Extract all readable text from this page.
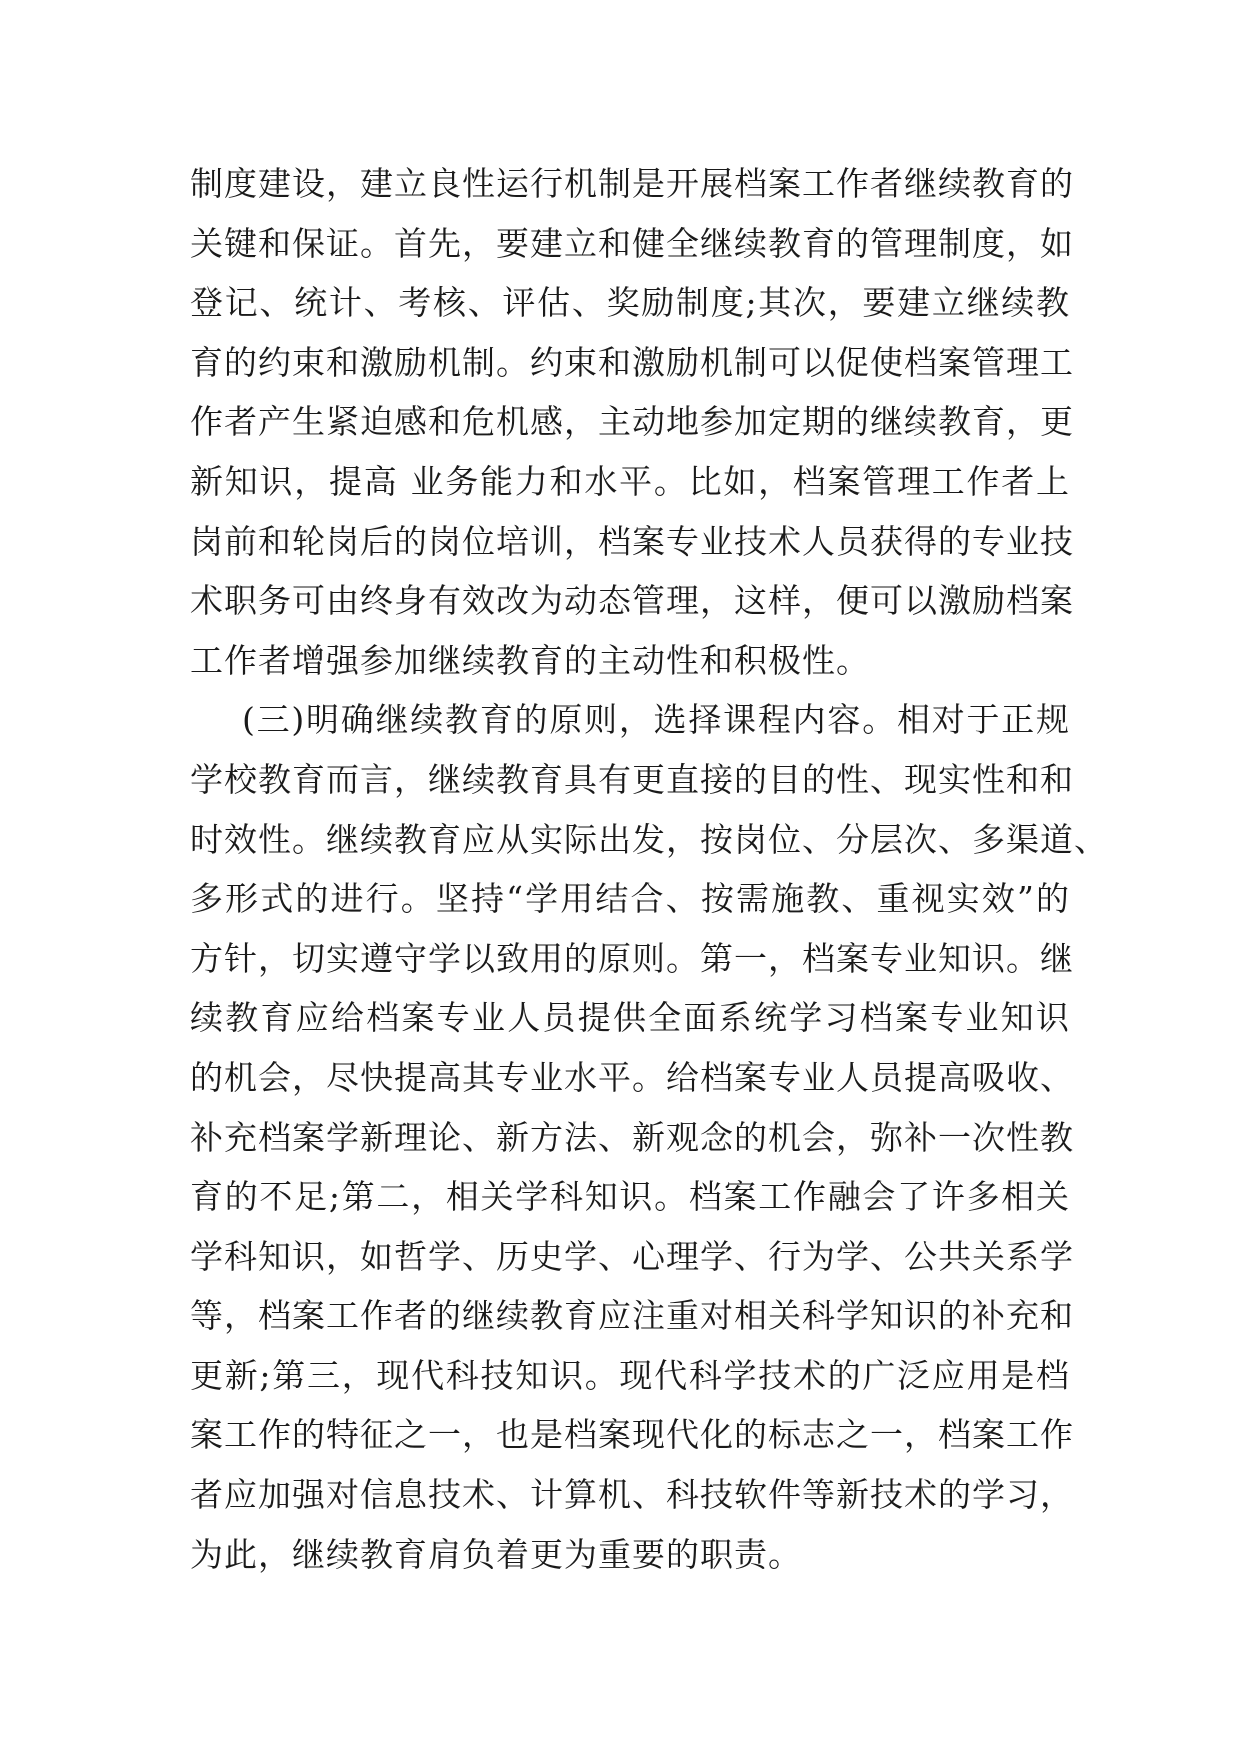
制度建设，建立良性运行机制是开展档案工作者继续教育的
关键和保证。首先，要建立和健全继续教育的管理制度，如
登记、统计、考核、评估、奖励制度;其次，要建立继续教
育的约束和激励机制。约束和激励机制可以促使档案管理工
作者产生紧迫感和危机感，主动地参加定期的继续教育，更
新知识，提高 业务能力和水平。比如，档案管理工作者上
岗前和轮岗后的岗位培训，档案专业技术人员获得的专业技
术职务可由终身有效改为动态管理，这样，便可以激励档案
工作者增强参加继续教育的主动性和积极性。
(三)明确继续教育的原则，选择课程内容。相对于正规
学校教育而言，继续教育具有更直接的目的性、现实性和和
时效性。继续教育应从实际出发，按岗位、分层次、多渠道、
多形式的进行。坚持“学用结合、按需施教、重视实效”的
方针，切实遵守学以致用的原则。第一，档案专业知识。继
续教育应给档案专业人员提供全面系统学习档案专业知识
的机会，尽快提高其专业水平。给档案专业人员提高吸收、
补充档案学新理论、新方法、新观念的机会，弥补一次性教
育的不足;第二，相关学科知识。档案工作融会了许多相关
学科知识，如哲学、历史学、心理学、行为学、公共关系学
等，档案工作者的继续教育应注重对相关科学知识的补充和
更新;第三，现代科技知识。现代科学技术的广泛应用是档
案工作的特征之一，也是档案现代化的标志之一，档案工作
者应加强对信息技术、计算机、科技软件等新技术的学习，
为此，继续教育肩负着更为重要的职责。
